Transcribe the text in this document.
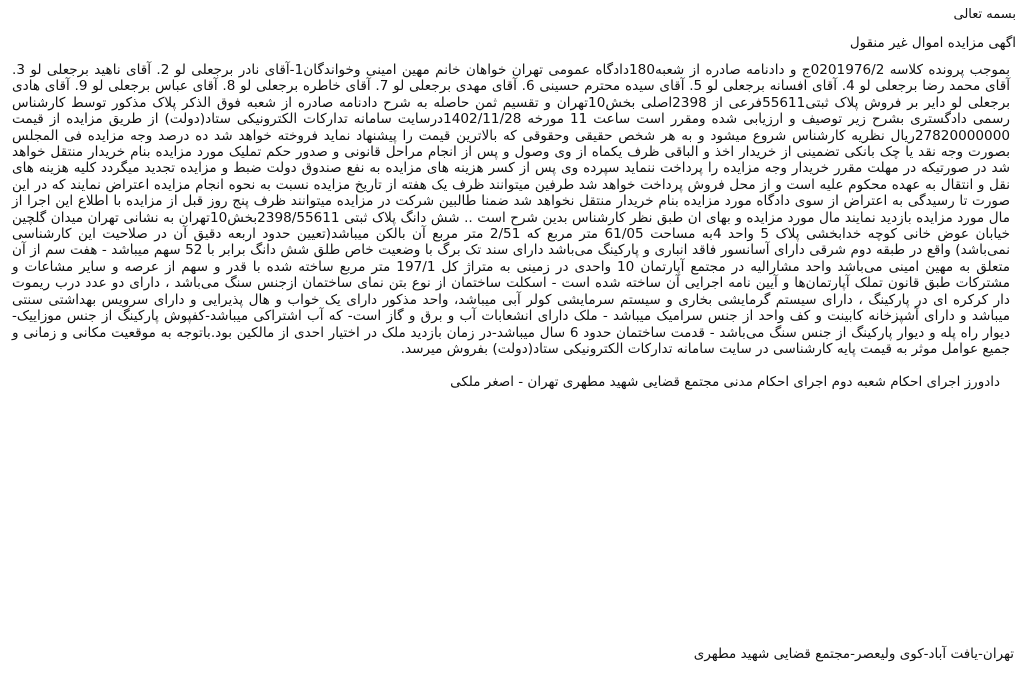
بسمه تعالی
اگهی مزایده اموال غیر منقول
بموجب پرونده کلاسه 0201976/2ج و دادنامه صادره از شعبه180دادگاه عمومی تهران خواهان خانم مهین امینی وخواندگان1-آقای نادر برجعلی لو 2. آقای ناهید برجعلی لو 3. آقای محمد رضا برجعلی لو 4. آقای افسانه برجعلی لو 5. آقای سیده محترم حسینی 6. آقای مهدی برجعلی لو 7. آقای خاطره برجعلی لو 8. آقای عباس برجعلی لو 9. آقای هادی برجعلی لو دایر بر فروش پلاک ثبتی55611فرعی از 2398اصلی بخش10تهران و تقسیم ثمن حاصله به شرح دادنامه صادره از شعبه فوق الذکر پلاک مذکور توسط کارشناس رسمی دادگستری بشرح زیر توصیف و ارزیابی شده ومقرر است ساعت 11 مورخه 1402/11/28درسایت سامانه تدارکات الکترونیکی ستاد(دولت) از طریق مزایده از قیمت 27820000000ریال نظریه کارشناس شروع میشود و به هر شخص حقیقی وحقوقی که بالاترین قیمت را پیشنهاد نماید فروخته خواهد شد ده درصد وجه مزایده فی المجلس بصورت وجه نقد یا چک بانکی تضمینی از خریدار اخذ و الباقی ظرف یکماه از وی وصول و پس از انجام مراحل قانونی و صدور حکم تملیک مورد مزایده بنام خریدار منتقل خواهد شد در صورتیکه در مهلت مقرر خریدار وجه مزایده را پرداخت ننماید سپرده وی پس از کسر هزینه های مزایده به نفع صندوق دولت ضبط و مزایده تجدید میگردد کلیه هزینه های نقل و انتقال به عهده محکوم علیه است و از محل فروش پرداخت خواهد شد طرفین میتوانند ظرف یک هفته از تاریخ مزایده نسبت به نحوه انجام مزایده اعتراض نمایند که در این صورت تا رسیدگی به اعتراض از سوی دادگاه مورد مزایده بنام خریدار منتقل نخواهد شد ضمنا طالبین شرکت در مزایده میتوانند ظرف پنج روز قبل از مزایده با اطلاع این اجرا از مال مورد مزایده بازدید نمایند مال مورد مزایده و بهای ان طبق نظر کارشناس بدین شرح است .. شش دانگ پلاک ثبتی 2398/55611بخش10تهران به نشانی تهران میدان گلچین خیابان عوض خانی کوچه خدابخشی پلاک 5 واحد 4به مساحت 61/05 متر مربع که 2/51 متر مربع آن بالکن میباشد(تعیین حدود اربعه دقیق آن در صلاحیت این کارشناسی نمی‌باشد) واقع در طبقه دوم شرقی دارای آسانسور فاقد انباری و پارکینگ می‌باشد دارای سند تک برگ با وضعیت خاص طلق شش دانگ برابر با 52 سهم میباشد - هفت سم از آن متعلق به مهین امینی می‌باشد واحد مشارالیه در مجتمع آپارتمان 10 واحدی در زمینی به متراژ کل 197/1 متر مربع ساخته شده با قدر و سهم از عرصه و سایر مشاعات و مشترکات طبق قانون تملک آپارتمان‌ها و آیین نامه اجرایی آن ساخته شده است - اسکلت ساختمان از نوع بتن نمای ساختمان ازجنس سنگ می‌باشد ، دارای دو عدد درب ریموت دار کرکره ای در پارکینگ ، دارای سیستم گرمایشی بخاری و سیستم سرمایشی کولر آبی میباشد، واحد مذکور دارای یک خواب و هال پذیرایی و دارای سرویس بهداشتی سنتی میباشد و دارای آشپزخانه کابینت و کف واحد از جنس سرامیک میباشد - ملک دارای انشعابات آب و برق و گاز است- که آب اشتراکی میباشد-کفپوش پارکینگ از جنس موزاییک- دیوار راه پله و دیوار پارکینگ از جنس سنگ می‌باشد - قدمت ساختمان حدود 6 سال میباشد-در زمان بازدید ملک در اختیار احدی از مالکین بود.باتوجه به موقعیت مکانی و زمانی و جمیع عوامل موثر به قیمت پایه کارشناسی در سایت سامانه تدارکات الکترونیکی ستاد(دولت) بفروش میرسد.
دادورز اجرای احکام شعبه دوم اجرای احکام مدنی مجتمع قضایی شهید مطهری تهران - اصغر ملکی
تهران-یافت آباد-کوی ولیعصر-مجتمع قضایی شهید مطهری
